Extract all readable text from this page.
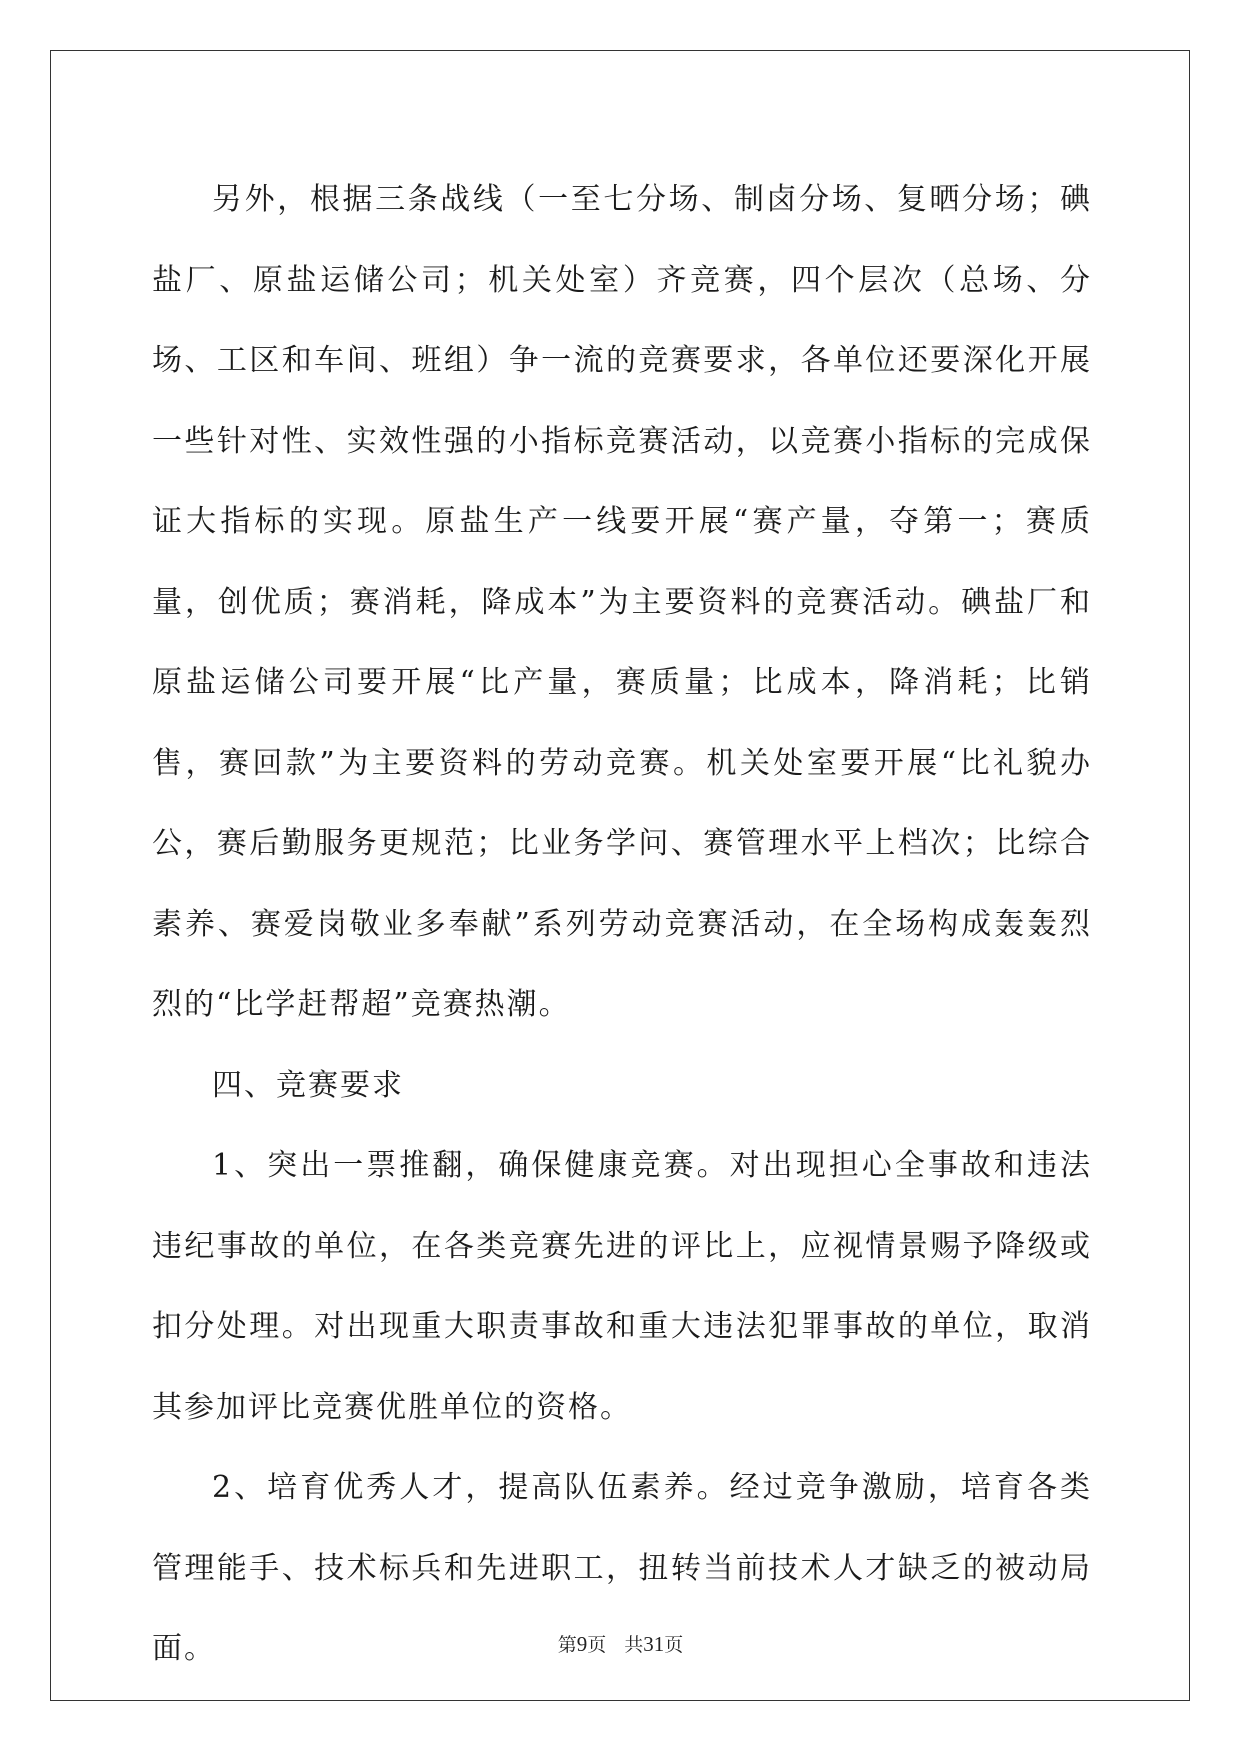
另外，根据三条战线（一至七分场、制卤分场、复晒分场；碘盐厂、原盐运储公司；机关处室）齐竞赛，四个层次（总场、分场、工区和车间、班组）争一流的竞赛要求，各单位还要深化开展一些针对性、实效性强的小指标竞赛活动，以竞赛小指标的完成保证大指标的实现。原盐生产一线要开展“赛产量，夺第一；赛质量，创优质；赛消耗，降成本”为主要资料的竞赛活动。碘盐厂和原盐运储公司要开展“比产量，赛质量；比成本，降消耗；比销售，赛回款”为主要资料的劳动竞赛。机关处室要开展“比礼貌办公，赛后勤服务更规范；比业务学问、赛管理水平上档次；比综合素养、赛爱岗敬业多奉献”系列劳动竞赛活动，在全场构成轰轰烈烈的“比学赶帮超”竞赛热潮。

四、竞赛要求

1、突出一票推翻，确保健康竞赛。对出现担心全事故和违法违纪事故的单位，在各类竞赛先进的评比上，应视情景赐予降级或扣分处理。对出现重大职责事故和重大违法犯罪事故的单位，取消其参加评比竞赛优胜单位的资格。

2、培育优秀人才，提高队伍素养。经过竞争激励，培育各类管理能手、技术标兵和先进职工，扭转当前技术人才缺乏的被动局面。	第9页 共31页
